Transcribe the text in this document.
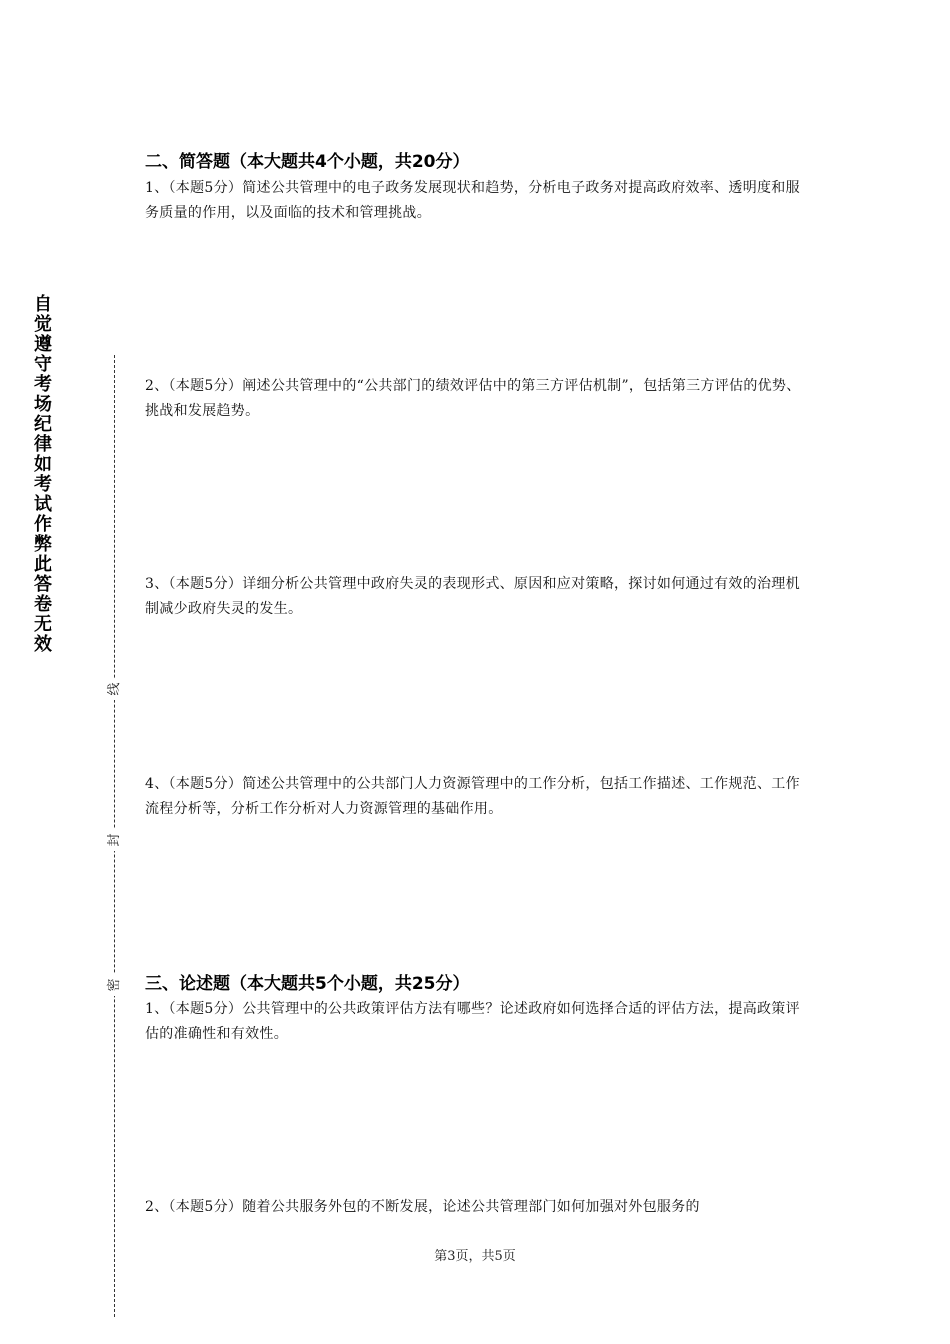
自觉遵守考场纪律如考试作弊此答卷无效
线
封
密
二、简答题（本大题共4个小题，共20分）

1、（本题5分）简述公共管理中的电子政务发展现状和趋势，分析电子政务对提高政府效率、透明度和服务质量的作用，以及面临的技术和管理挑战。

2、（本题5分）阐述公共管理中的“公共部门的绩效评估中的第三方评估机制”，包括第三方评估的优势、挑战和发展趋势。

3、（本题5分）详细分析公共管理中政府失灵的表现形式、原因和应对策略，探讨如何通过有效的治理机制减少政府失灵的发生。

4、（本题5分）简述公共管理中的公共部门人力资源管理中的工作分析，包括工作描述、工作规范、工作流程分析等，分析工作分析对人力资源管理的基础作用。

三、论述题（本大题共5个小题，共25分）

1、（本题5分）公共管理中的公共政策评估方法有哪些？论述政府如何选择合适的评估方法，提高政策评估的准确性和有效性。

2、（本题5分）随着公共服务外包的不断发展，论述公共管理部门如何加强对外包服务的

第3页，共5页
